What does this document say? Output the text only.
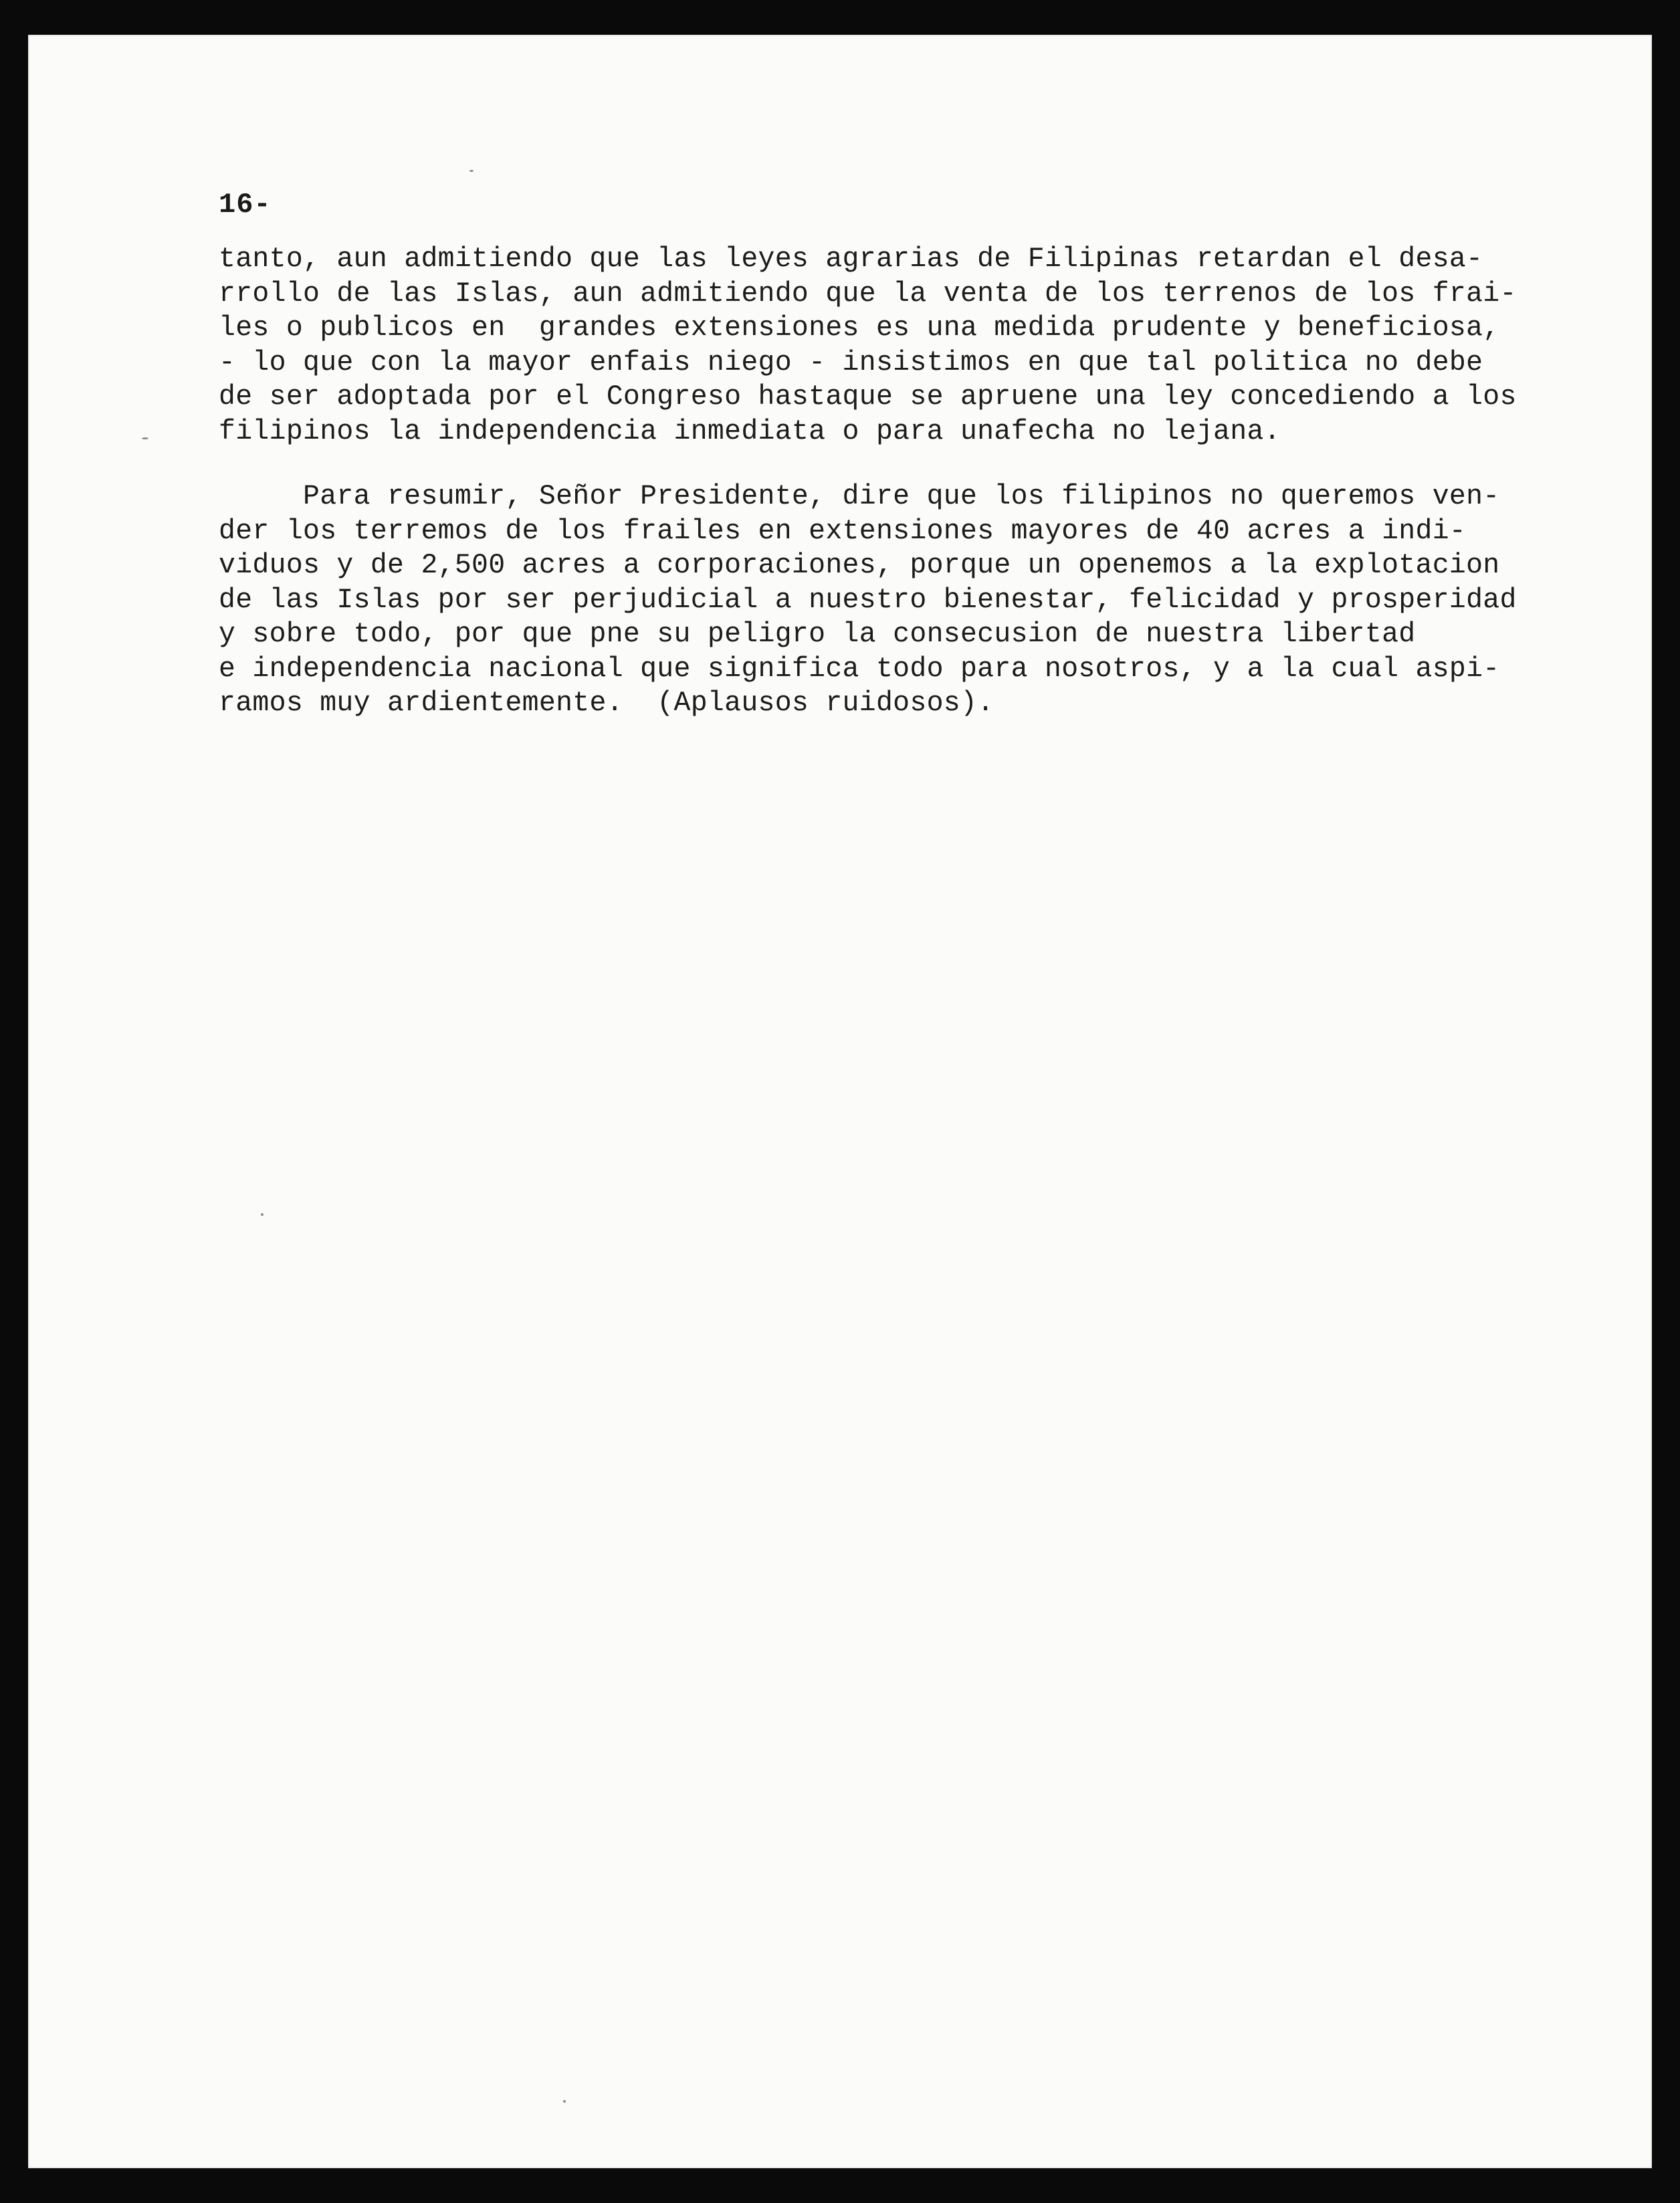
16-
tanto, aun admitiendo que las leyes agrarias de Filipinas retardan el desa-
rrollo de las Islas, aun admitiendo que la venta de los terrenos de los frai-
les o publicos en  grandes extensiones es una medida prudente y beneficiosa,
- lo que con la mayor enfais niego - insistimos en que tal politica no debe
de ser adoptada por el Congreso hastaque se apruene una ley concediendo a los
filipinos la independencia inmediata o para unafecha no lejana.
Para resumir, Señor Presidente, dire que los filipinos no queremos ven-
der los terremos de los frailes en extensiones mayores de 40 acres a indi-
viduos y de 2,500 acres a corporaciones, porque un openemos a la explotacion
de las Islas por ser perjudicial a nuestro bienestar, felicidad y prosperidad
y sobre todo, por que pne su peligro la consecusion de nuestra libertad
e independencia nacional que significa todo para nosotros, y a la cual aspi-
ramos muy ardientemente.  (Aplausos ruidosos).
